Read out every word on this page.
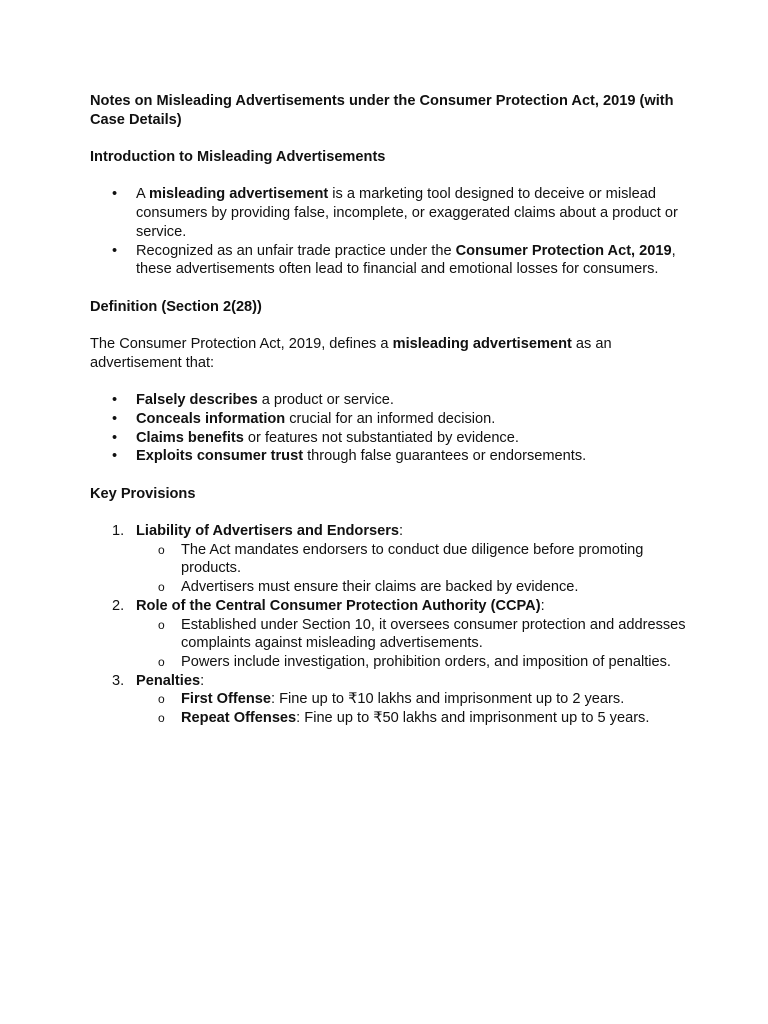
Notes on Misleading Advertisements under the Consumer Protection Act, 2019 (with Case Details)
Introduction to Misleading Advertisements
• A misleading advertisement is a marketing tool designed to deceive or mislead consumers by providing false, incomplete, or exaggerated claims about a product or service.
• Recognized as an unfair trade practice under the Consumer Protection Act, 2019, these advertisements often lead to financial and emotional losses for consumers.
Definition (Section 2(28))

The Consumer Protection Act, 2019, defines a misleading advertisement as an advertisement that:

• Falsely describes a product or service.
• Conceals information crucial for an informed decision.
• Claims benefits or features not substantiated by evidence.
• Exploits consumer trust through false guarantees or endorsements.
Key Provisions
1. Liability of Advertisers and Endorsers:
o The Act mandates endorsers to conduct due diligence before promoting products.
o Advertisers must ensure their claims are backed by evidence.
2. Role of the Central Consumer Protection Authority (CCPA):
o Established under Section 10, it oversees consumer protection and addresses complaints against misleading advertisements.
o Powers include investigation, prohibition orders, and imposition of penalties.
3. Penalties:
o First Offense: Fine up to ₹10 lakhs and imprisonment up to 2 years.
o Repeat Offenses: Fine up to ₹50 lakhs and imprisonment up to 5 years.
